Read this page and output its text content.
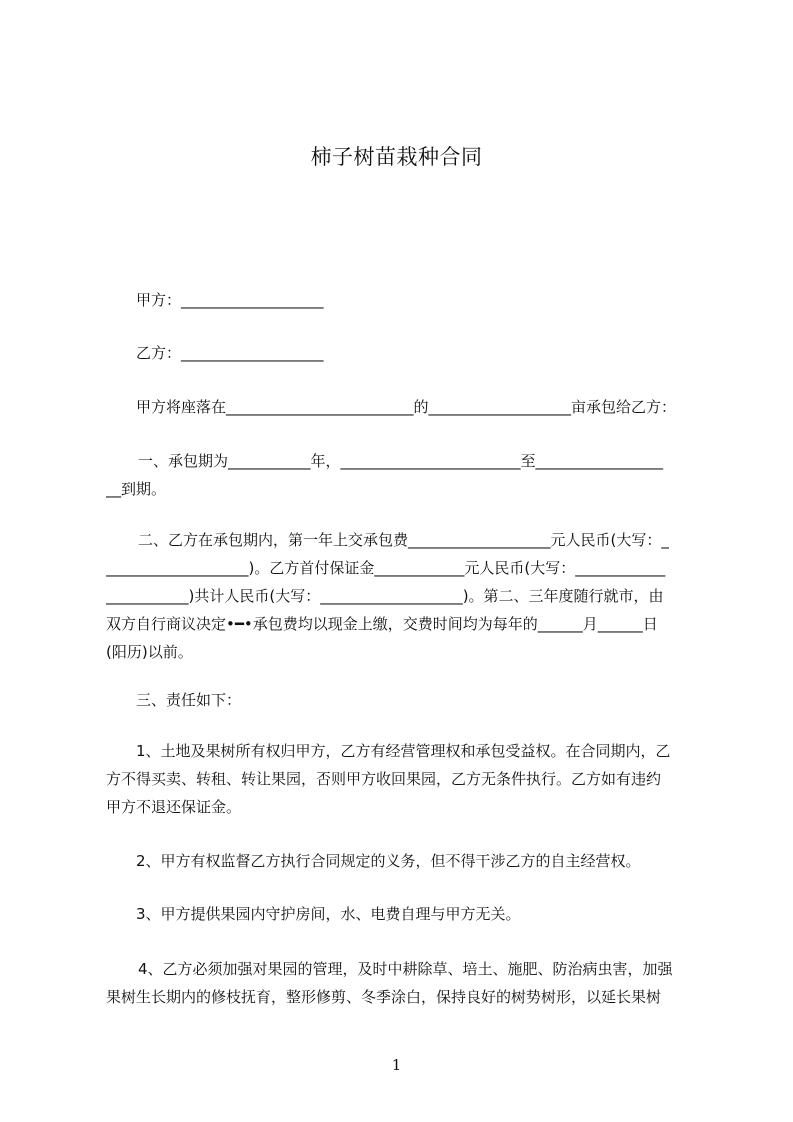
柿子树苗栽种合同
甲方：___________________
乙方：___________________
甲方将座落在_________________________的___________________亩承包给乙方：
一、承包期为___________年，________________________至_________________
__到期。
二、乙方在承包期内，第一年上交承包费___________________元人民币(大写：_
___________________)。乙方首付保证金____________元人民币(大写：____________
___________)共计人民币(大写：___________________)。第二、三年度随行就市，由
双方自行商议决定•━•承包费均以现金上缴，交费时间均为每年的______月______日
(阳历)以前。
三、责任如下：
1、土地及果树所有权归甲方，乙方有经营管理权和承包受益权。在合同期内，乙
方不得买卖、转租、转让果园，否则甲方收回果园，乙方无条件执行。乙方如有违约
甲方不退还保证金。
2、甲方有权监督乙方执行合同规定的义务，但不得干涉乙方的自主经营权。
3、甲方提供果园内守护房间，水、电费自理与甲方无关。
4、乙方必须加强对果园的管理，及时中耕除草、培土、施肥、防治病虫害，加强
果树生长期内的修枝抚育，整形修剪、冬季涂白，保持良好的树势树形，以延长果树
1
